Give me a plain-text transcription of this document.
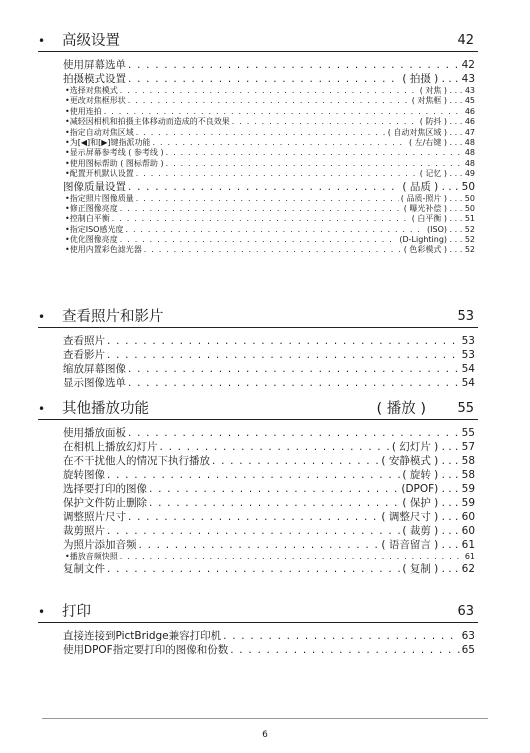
• 高级设置	42
使用屏幕选单 . . .	42
拍摄模式设置 . . .	( 拍摄 ) . . . 43
• 选择对焦模式 . . .	( 对焦 ) . . . 43
• 更改对焦框形状 . . .	( 对焦框 ) . . . 45
• 使用连拍 . . .	46
• 减轻因相机和拍摄主体移动而造成的不良效果 . . .	( 防抖 ) . . . 46
• 指定自动对焦区域 . . .	( 自动对焦区域 ) . . . 47
• 为[◀]和[▶]键指派功能 . . .	( 左/右键 ) . . . 48
• 显示屏幕参考线 ( 参考线 ) . . .	48
• 使用图标帮助 ( 图标帮助 ) . . .	48
• 配置开机默认设置 . . .	( 记忆 ) . . . 49
图像质量设置 . . .	( 品质 ) . . . 50
• 指定照片图像质量 . . .	( 品质-照片 ) . . . 50
• 修正图像亮度 . . .	( 曝光补偿 ) . . . 50
• 控制白平衡 . . .	( 白平衡 ) . . . 51
• 指定ISO感光度 . . .	(ISO) . . . 52
• 优化图像亮度 . . .	(D-Lighting) . . . 52
• 使用内置彩色滤光器 . . .	( 色彩模式 ) . . . 52
• 查看照片和影片	53
查看照片 . . .	53
查看影片 . . .	53
缩放屏幕图像 . . .	54
显示图像选单 . . .	54
• 其他播放功能	( 播放 ) 55
使用播放面板 . . .	55
在相机上播放幻灯片 . . .	( 幻灯片 ) . . . 57
在不干扰他人的情况下执行播放 . . .	( 安静模式 ) . . . 58
旋转图像 . . .	( 旋转 ) . . . 58
选择要打印的图像 . . .	(DPOF) . . . 59
保护文件防止删除 . . .	( 保护 ) . . . 59
调整照片尺寸 . . .	( 调整尺寸 ) . . . 60
裁剪照片 . . .	( 裁剪 ) . . . 60
为照片添加音频 . . .	( 语音留言 ) . . . 61
• 播放音频快照 . . .	61
复制文件 . . .	( 复制 ) . . . 62
• 打印	63
直接连接到PictBridge兼容打印机 . . .	63
使用DPOF指定要打印的图像和份数 . . .	65
6
